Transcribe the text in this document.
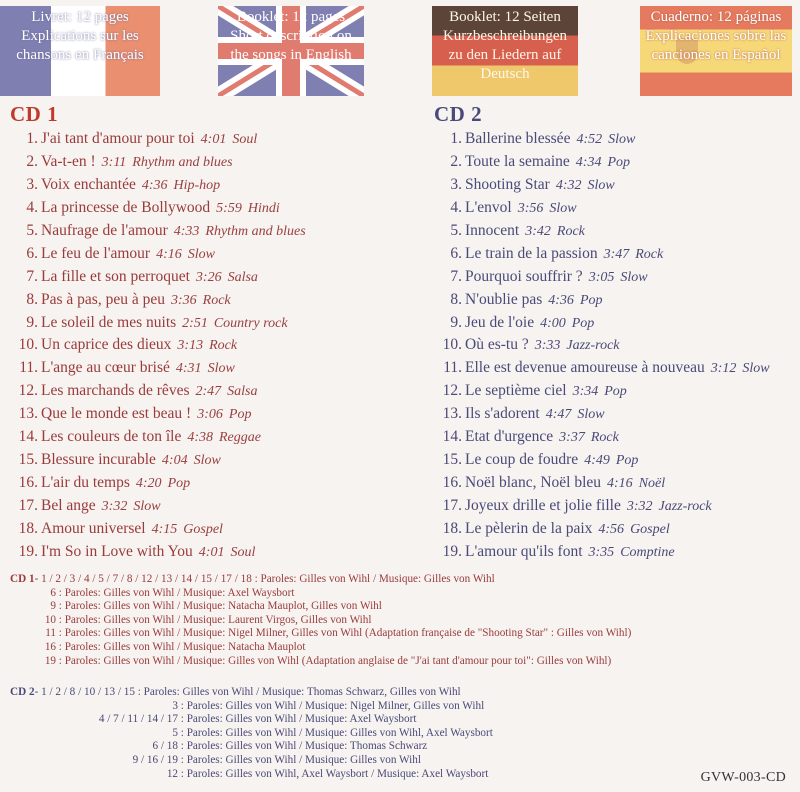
Livret: 12 pages
Explications sur les
chansons en Français
Booklet: 12 pages
Short description on
the songs in English
Booklet: 12 Seiten
Kurzbeschreibungen
zu den Liedern auf
Deutsch
Cuaderno: 12 páginas
Explicaciones sobre las
canciones en Español
CD 1	CD 2
1. J'ai tant d'amour pour toi 4:01 Soul
2. Va-t-en ! 3:11 Rhythm and blues
3. Voix enchantée 4:36 Hip-hop
4. La princesse de Bollywood 5:59 Hindi
5. Naufrage de l'amour 4:33 Rhythm and blues
6. Le feu de l'amour 4:16 Slow
7. La fille et son perroquet 3:26 Salsa
8. Pas à pas, peu à peu 3:36 Rock
9. Le soleil de mes nuits 2:51 Country rock
10. Un caprice des dieux 3:13 Rock
11. L'ange au cœur brisé 4:31 Slow
12. Les marchands de rêves 2:47 Salsa
13. Que le monde est beau ! 3:06 Pop
14. Les couleurs de ton île 4:38 Reggae
15. Blessure incurable 4:04 Slow
16. L'air du temps 4:20 Pop
17. Bel ange 3:32 Slow
18. Amour universel 4:15 Gospel
19. I'm So in Love with You 4:01 Soul
1. Ballerine blessée 4:52 Slow
2. Toute la semaine 4:34 Pop
3. Shooting Star 4:32 Slow
4. L'envol 3:56 Slow
5. Innocent 3:42 Rock
6. Le train de la passion 3:47 Rock
7. Pourquoi souffrir ? 3:05 Slow
8. N'oublie pas 4:36 Pop
9. Jeu de l'oie 4:00 Pop
10. Où es-tu ? 3:33 Jazz-rock
11. Elle est devenue amoureuse à nouveau 3:12 Slow
12. Le septième ciel 3:34 Pop
13. Ils s'adorent 4:47 Slow
14. Etat d'urgence 3:37 Rock
15. Le coup de foudre 4:49 Pop
16. Noël blanc, Noël bleu 4:16 Noël
17. Joyeux drille et jolie fille 3:32 Jazz-rock
18. Le pèlerin de la paix 4:56 Gospel
19. L'amour qu'ils font 3:35 Comptine
CD 1- 1 / 2 / 3 / 4 / 5 / 7 / 8 / 12 / 13 / 14 / 15 / 17 / 18 : Paroles: Gilles von Wihl / Musique: Gilles von Wihl
6 : Paroles: Gilles von Wihl / Musique: Axel Waysbort
9 : Paroles: Gilles von Wihl / Musique: Natacha Mauplot, Gilles von Wihl
10 : Paroles: Gilles von Wihl / Musique: Laurent Virgos, Gilles von Wihl
11 : Paroles: Gilles von Wihl / Musique: Nigel Milner, Gilles von Wihl (Adaptation française de "Shooting Star" : Gilles von Wihl)
16 : Paroles: Gilles von Wihl / Musique: Natacha Mauplot
19 : Paroles: Gilles von Wihl / Musique: Gilles von Wihl (Adaptation anglaise de "J'ai tant d'amour pour toi": Gilles von Wihl)
CD 2- 1 / 2 / 8 / 10 / 13 / 15 : Paroles: Gilles von Wihl / Musique: Thomas Schwarz, Gilles von Wihl
3 : Paroles: Gilles von Wihl / Musique: Nigel Milner, Gilles von Wihl
4 / 7 / 11 / 14 / 17 : Paroles: Gilles von Wihl / Musique: Axel Waysbort
5 : Paroles: Gilles von Wihl / Musique: Gilles von Wihl, Axel Waysbort
6 / 18 : Paroles: Gilles von Wihl / Musique: Thomas Schwarz
9 / 16 / 19 : Paroles: Gilles von Wihl / Musique: Gilles von Wihl
12 : Paroles: Gilles von Wihl, Axel Waysbort / Musique: Axel Waysbort	GVW-003-CD
